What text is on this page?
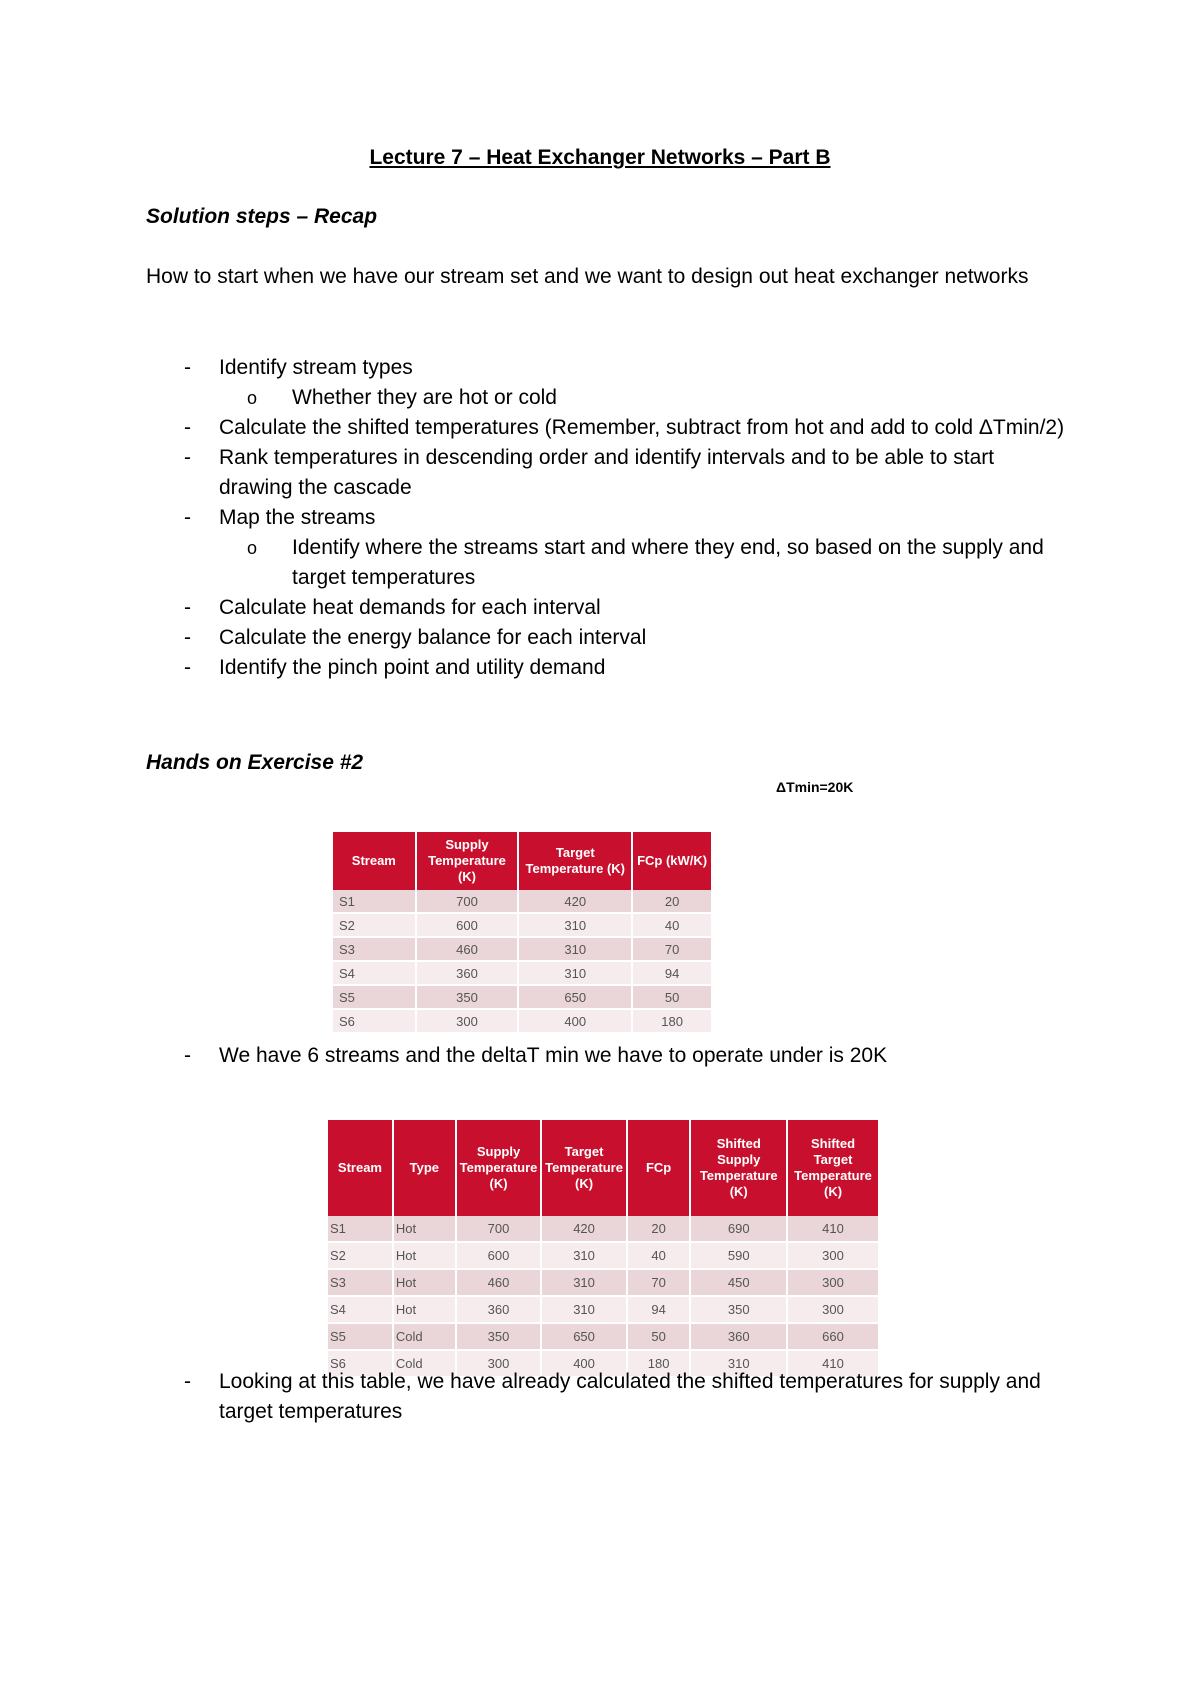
Lecture 7 – Heat Exchanger Networks – Part B
Solution steps – Recap
How to start when we have our stream set and we want to design out heat exchanger networks
- Identify stream types
o Whether they are hot or cold
- Calculate the shifted temperatures (Remember, subtract from hot and add to cold ΔTmin/2)
- Rank temperatures in descending order and identify intervals and to be able to start drawing the cascade
- Map the streams
o Identify where the streams start and where they end, so based on the supply and target temperatures
- Calculate heat demands for each interval
- Calculate the energy balance for each interval
- Identify the pinch point and utility demand
Hands on Exercise #2
ΔTmin=20K
Stream	Supply Temperature (K)	Target Temperature (K)	FCp (kW/K)
S1	700	420	20
S2	600	310	40
S3	460	310	70
S4	360	310	94
S5	350	650	50
S6	300	400	180
- We have 6 streams and the deltaT min we have to operate under is 20K
Stream	Type	Supply Temperature (K)	Target Temperature (K)	FCp	Shifted Supply Temperature (K)	Shifted Target Temperature (K)
S1	Hot	700	420	20	690	410
S2	Hot	600	310	40	590	300
S3	Hot	460	310	70	450	300
S4	Hot	360	310	94	350	300
S5	Cold	350	650	50	360	660
S6	Cold	300	400	180	310	410
- Looking at this table, we have already calculated the shifted temperatures for supply and target temperatures
